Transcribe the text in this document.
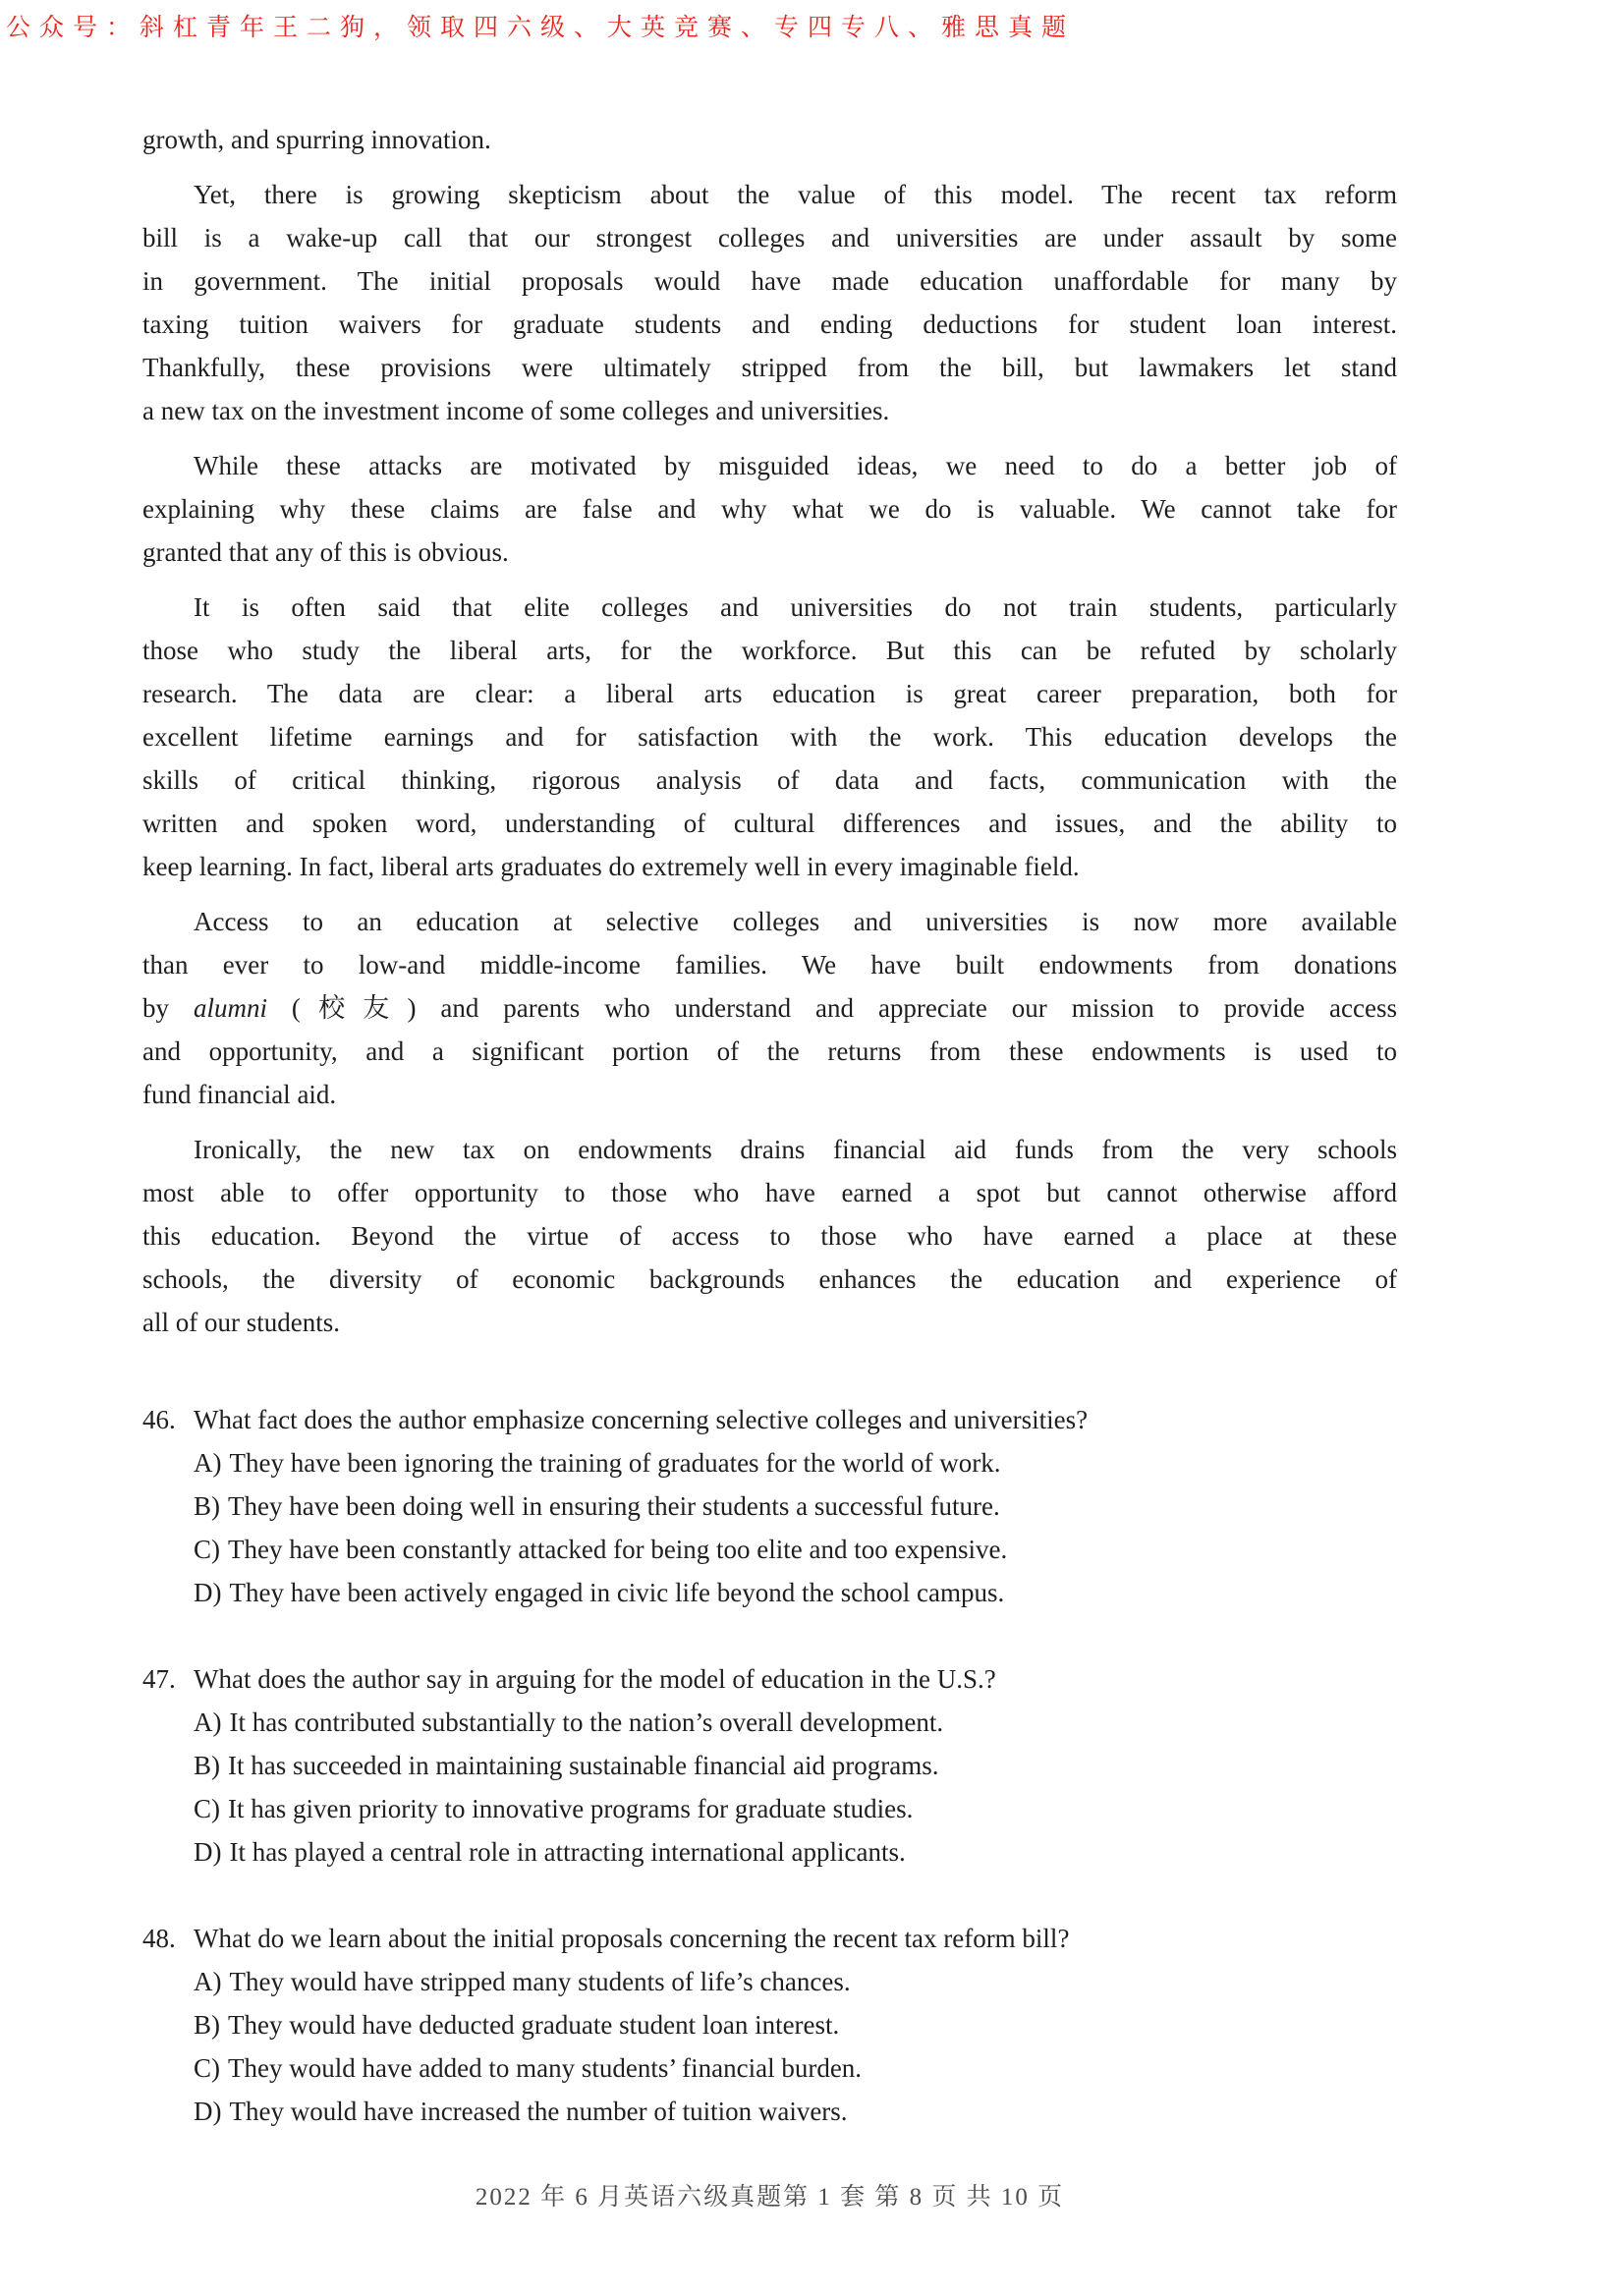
公众号：斜杠青年王二狗，领取四六级、大英竞赛、专四专八、雅思真题
growth, and spurring innovation.
Yet, there is growing skepticism about the value of this model. The recent tax reform
bill is a wake-up call that our strongest colleges and universities are under assault by some
in government. The initial proposals would have made education unaffordable for many by
taxing tuition waivers for graduate students and ending deductions for student loan interest.
Thankfully, these provisions were ultimately stripped from the bill, but lawmakers let stand
a new tax on the investment income of some colleges and universities.
While these attacks are motivated by misguided ideas, we need to do a better job of
explaining why these claims are false and why what we do is valuable. We cannot take for
granted that any of this is obvious.
It is often said that elite colleges and universities do not train students, particularly
those who study the liberal arts, for the workforce. But this can be refuted by scholarly
research. The data are clear: a liberal arts education is great career preparation, both for
excellent lifetime earnings and for satisfaction with the work. This education develops the
skills of critical thinking, rigorous analysis of data and facts, communication with the
written and spoken word, understanding of cultural differences and issues, and the ability to
keep learning. In fact, liberal arts graduates do extremely well in every imaginable field.
Access to an education at selective colleges and universities is now more available
than ever to low-and middle-income families. We have built endowments from donations
by alumni (校友) and parents who understand and appreciate our mission to provide access
and opportunity, and a significant portion of the returns from these endowments is used to
fund financial aid.
Ironically, the new tax on endowments drains financial aid funds from the very schools
most able to offer opportunity to those who have earned a spot but cannot otherwise afford
this education. Beyond the virtue of access to those who have earned a place at these
schools, the diversity of economic backgrounds enhances the education and experience of
all of our students.
46. What fact does the author emphasize concerning selective colleges and universities?
A) They have been ignoring the training of graduates for the world of work.
B) They have been doing well in ensuring their students a successful future.
C) They have been constantly attacked for being too elite and too expensive.
D) They have been actively engaged in civic life beyond the school campus.
47. What does the author say in arguing for the model of education in the U.S.?
A) It has contributed substantially to the nation’s overall development.
B) It has succeeded in maintaining sustainable financial aid programs.
C) It has given priority to innovative programs for graduate studies.
D) It has played a central role in attracting international applicants.
48. What do we learn about the initial proposals concerning the recent tax reform bill?
A) They would have stripped many students of life’s chances.
B) They would have deducted graduate student loan interest.
C) They would have added to many students’ financial burden.
D) They would have increased the number of tuition waivers.
2022 年 6 月英语六级真题第 1 套 第 8 页 共 10 页
